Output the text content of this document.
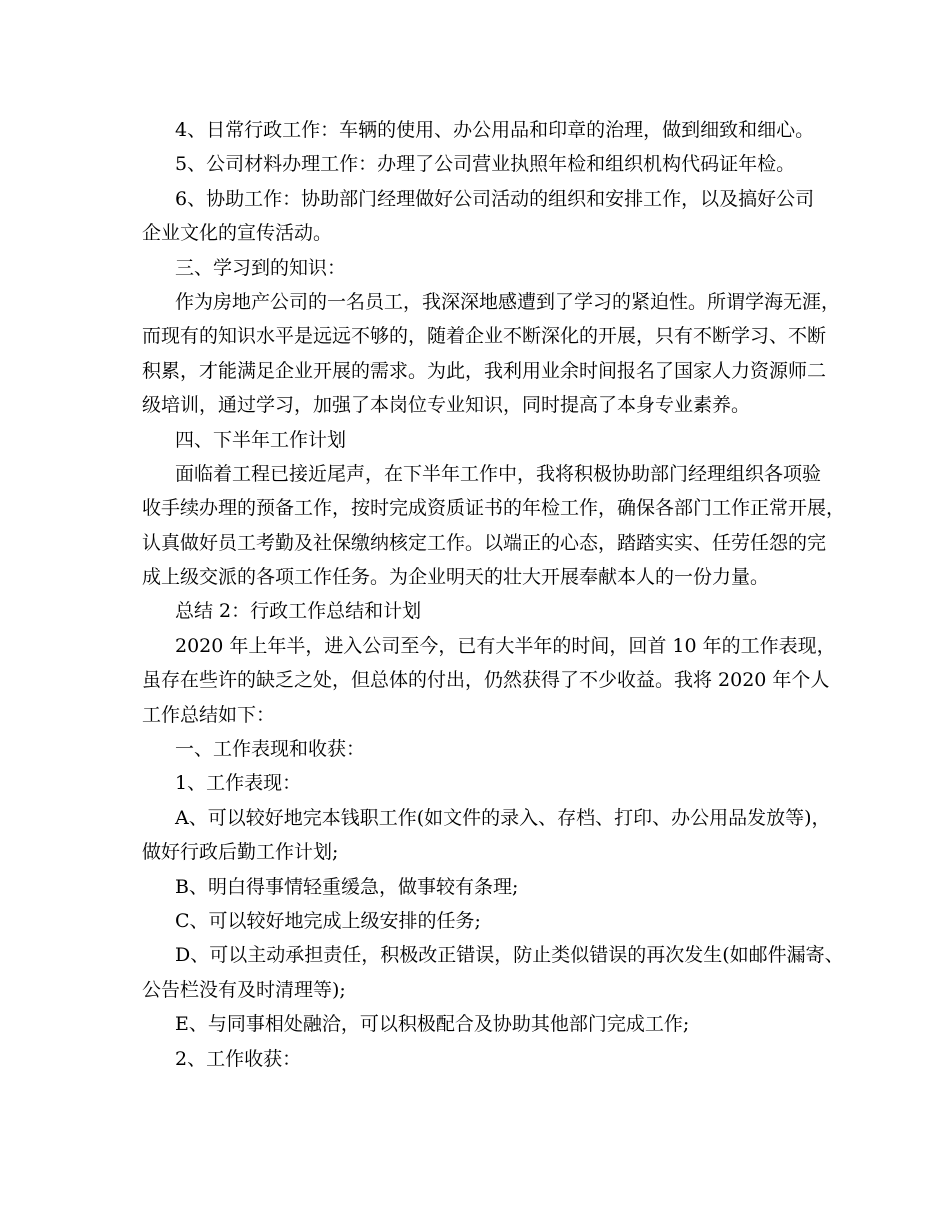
4、日常行政工作：车辆的使用、办公用品和印章的治理，做到细致和细心。
5、公司材料办理工作：办理了公司营业执照年检和组织机构代码证年检。
6、协助工作：协助部门经理做好公司活动的组织和安排工作，以及搞好公司
企业文化的宣传活动。
三、学习到的知识：
作为房地产公司的一名员工，我深深地感遭到了学习的紧迫性。所谓学海无涯，
而现有的知识水平是远远不够的，随着企业不断深化的开展，只有不断学习、不断
积累，才能满足企业开展的需求。为此，我利用业余时间报名了国家人力资源师二
级培训，通过学习，加强了本岗位专业知识，同时提高了本身专业素养。
四、下半年工作计划
面临着工程已接近尾声，在下半年工作中，我将积极协助部门经理组织各项验
收手续办理的预备工作，按时完成资质证书的年检工作，确保各部门工作正常开展，
认真做好员工考勤及社保缴纳核定工作。以端正的心态，踏踏实实、任劳任怨的完
成上级交派的各项工作任务。为企业明天的壮大开展奉献本人的一份力量。
总结 2：行政工作总结和计划
2020 年上年半，进入公司至今，已有大半年的时间，回首 10 年的工作表现，
虽存在些许的缺乏之处，但总体的付出，仍然获得了不少收益。我将 2020 年个人
工作总结如下：
一、工作表现和收获：
1、工作表现：
A、可以较好地完本钱职工作(如文件的录入、存档、打印、办公用品发放等)，
做好行政后勤工作计划;
B、明白得事情轻重缓急，做事较有条理;
C、可以较好地完成上级安排的任务;
D、可以主动承担责任，积极改正错误，防止类似错误的再次发生(如邮件漏寄、
公告栏没有及时清理等);
E、与同事相处融洽，可以积极配合及协助其他部门完成工作;
2、工作收获：
